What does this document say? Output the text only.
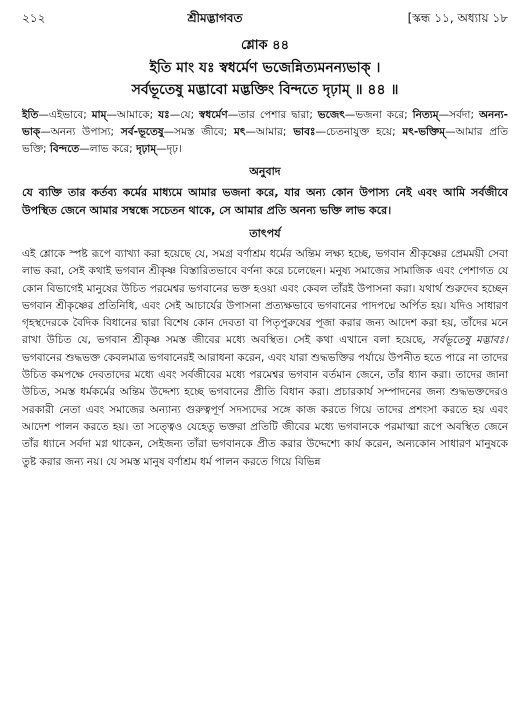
২১২	শ্রীমদ্ভাগবত	[স্কন্ধ ১১, অধ্যায় ১৮
শ্লোক ৪৪
ইতি মাং যঃ স্বধর্মেণ ভজেন্নিত্যমনন্যভাক্ ।
সর্বভূতেষু মদ্ভাবো মদ্ভক্তিং বিন্দতে দৃঢ়াম্ ॥ ৪৪ ॥
ইতি—এইভাবে; মাম্—আমাকে; যঃ—যে; স্বধর্মেণ—তার পেশার দ্বারা; ভজেৎ—ভজনা করে; নিত্যম্—সর্বদা; অনন্য-ভাক্—অনন্য উপাস্য; সর্ব-ভূতেষু—সমস্ত জীবে; মৎ—আমার; ভাবঃ—চেতনাযুক্ত হয়ে; মৎ-ভক্তিম্—আমার প্রতি ভক্তি; বিন্দতে—লাভ করে; দৃঢ়াম্—দৃঢ়।
অনুবাদ
যে ব্যক্তি তার কর্তব্য কর্মের মাধ্যমে আমার ভজনা করে, যার অন্য কোন উপাস্য নেই এবং আমি সর্বজীবে উপস্থিত জেনে আমার সম্বন্ধে সচেতন থাকে, সে আমার প্রতি অনন্য ভক্তি লাভ করে।
তাৎপর্য
এই শ্লোকে স্পষ্ট রূপে ব্যাখ্যা করা হয়েছে যে, সমগ্র বর্ণাশ্রম ধর্মের অন্তিম লক্ষ্য হচ্ছে, ভগবান শ্রীকৃষ্ণের প্রেমময়ী সেবা লাভ করা, সেই কথাই ভগবান শ্রীকৃষ্ণ বিস্তারিতভাবে বর্ণনা করে চলেছেন। মনুষ্য সমাজের সামাজিক এবং পেশাগত যে কোন বিভাগেই মানুষের উচিত পরমেশ্বর ভগবানের ভক্ত হওয়া এবং কেবল তাঁরই উপাসনা করা। যথার্থ শুরুদেব হচ্ছেন ভগবান শ্রীকৃষ্ণের প্রতিনিধি, এবং সেই আচার্যের উপাসনা প্রত্যক্ষভাবে ভগবানের পাদপদ্মে অর্পিত হয়। যদিও সাধারণ গৃহস্থদেরকে বৈদিক বিধানের দ্বারা বিশেষ কোন দেবতা বা পিতৃপুরুষের পূজা করার জন্য আদেশ করা হয়, তাঁদের মনে রাখা উচিত যে, ভগবান শ্রীকৃষ্ণ সমস্ত জীবের মধ্যে অবস্থিত। সেই কথা এখানে বলা হয়েছে, সর্বভূতেষু মদ্ভাবঃ। ভগবানের শুদ্ধভক্ত কেবলমাত্র ভগবানেরই আরাধনা করেন, এবং যারা শুদ্ধভক্তির পর্যায়ে উপনীত হতে পারে না তাদের উচিত কমপক্ষে দেবতাদের মধ্যে এবং সর্বজীবের মধ্যে পরমেশ্বর ভগবান বর্তমান জেনে, তাঁর ধ্যান করা। তাদের জানা উচিত, সমস্ত ধর্মকর্মের অন্তিম উদ্দেশ্য হচ্ছে ভগবানের প্রীতি বিধান করা। প্রচারকার্য সম্পাদনের জন্য শুদ্ধভক্তদেরও সরকারী নেতা এবং সমাজের অন্যান্য গুরুত্বপূর্ণ সদস্যদের সঙ্গে কাজ করতে গিয়ে তাদের প্রশংসা করতে হয় এবং আদেশ পালন করতে হয়। তা সত্ত্বেও যেহেতু ভক্তরা প্রতিটি জীবের মধ্যে ভগবানকে পরমাত্মা রূপে অবস্থিত জেনে তাঁর ধ্যানে সর্বদা মগ্ন থাকেন, সেইজন্য তাঁরা ভগবানকে প্রীত করার উদ্দেশ্যে কার্য করেন, অন্যকোন সাধারণ মানুষকে তুষ্ট করার জন্য নয়। যে সমস্ত মানুষ বর্ণাশ্রম ধর্ম পালন করতে গিয়ে বিভিন্ন
